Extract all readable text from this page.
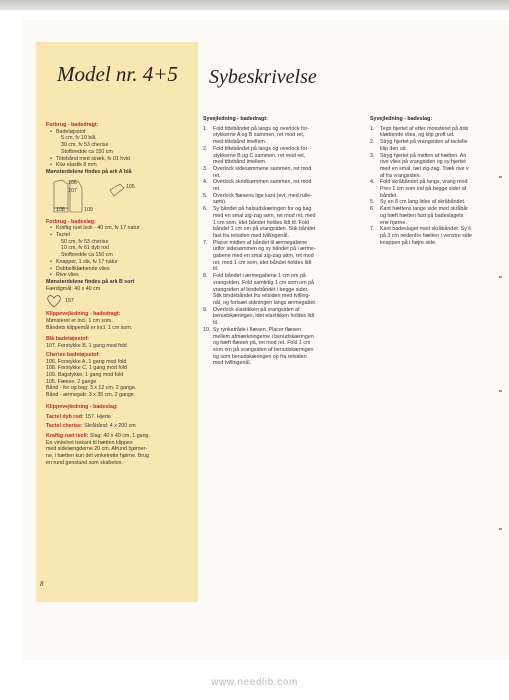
Model nr. 4+5 Sybeskrivelse
Forbrug - badedragt:
• Badetøjsstof
5 cm, fv 10 blå
30 cm, fv 53 cherise
Stofbredde ca 150 cm
• Tittebånd med stræk, fv 01 hvid
• Klar elastik 8 mm
Mønsterdelene findes på ark A blå
106
107
105
108	109
Forbrug - badeslag:
• Kraftig ruet lsoli - 40 cm, fv 17 natur
• Tactel
50 cm, fv 53 cherise
10 cm, fv 61 dyb rod
Stofbredde ca 150 cm
• Knapper, 1 stk, fv 17 natur
• Dobbeltklæbende vlies
• Rive vlies
Mønsterdelene findes på ark B sort
Færdigmål: 40 x 40 cm
157
Klippevejledning - badedragt:
Mønsteret er incl. 1 cm som.
Båndets klippemål er incl. 1 cm som.
Blå badetøjsstof:
107. Forstykke B, 1 gang mod fold
Cherise badetøjsstof:
106. Forstykke A, 1 gang mod fold
108. Forstykke C, 1 gang mod fold
109. Bagstykke, 1 gang mod fold
105. Fæese, 2 gange
Bånd - for og bag: 3 x 12 cm, 2 gange.
Bånd - ærmegab: 3 x 35 cm, 2 gange.
Klippevejledning - badeslag:
Tactel dyb rod: 157. Hjerte
Tactel cherise: Skråbånd: 4 x 200 cm
Kraftig ruet isoli: Slag: 40 x 40 cm, 1 gang.
En vinkelret trekant til hætten klippes
med sidelængderne 20 cm. Afrund hjørner-
ne, i hætten kun det vinkelrette hjørne. Brug
en rund genstand som skabelon.
Syvejledning - badedragt:
1.	Fold tittebåndet på langs og overlock for-
stykkerne A og B sammen, ret mod ret,
med tittebånd imellem.
2.	Fold tittebåndet på langs og overlock for-
stykkerne B og C sammen, ret mod ret,
med tittebånd imellem.
3.	Overlock sidesømmene sammen, ret mod
ret.
4.	Overlock skridtsømmen sammen, ret mod
ret.
5.	Overlock flæsens lige kant (evt. med rulle-
søm).
6.	Sy båndet på halsudskæringen for og bag
med en smal zig-zag søm, ret mod ret, med
1 cm som, idet båndet holdes lidt til. Fold
båndet 1 cm om på vrangsiden. Stik båndet
fast fra retsiden med tvillingenål.
7.	Placer midten af båndet til ærmegabene
udfor sidesømmen og sy båndet på i ærme-
gabene med en smal zig-zag søm, ret mod
ret, med 1 cm som, idet båndet holdes lidt
til.
8.	Fold båndet i ærmegabene 1 cm om på
vrangsiden. Fold samtidig 1 cm som om på
vrangsiden af bindebåndet i begge sider.
Stik bindebåndet fra retsiden med tvilling-
nål, og fortsæt stikningen langs ærmegabet.
9.	Overlock elastikken på vrangsiden af
benudskæringen, idet elastikken holdes lidt
til.
10. Sy rynketråde i flæsen. Placer flæsen
mellem afmærkningerne i benudskæringen
og hæft flæsen på, ret mod ret. Fold 1 cm
som om på vrangsiden af benudskæringen
og som benudskæringen op fra retsiden
med tvillingenål.
Syvejledning - badeslag:
1.	Tegn hjertet af efter monsteret på dob
klæbende vlies, og klip groft ud.
2.	Stryg hjertet på vrangsiden af tactelle
klip den ud.
3.	Stryg hjertet på midten af hætten. An
rive vlies på vrangsiden og sy hjertet
med en smal, tæt zig-zag. Træk rive v
af fra vrangsiden.
4.	Fold skråbåndet på langs, vrang mod
Pres 1 cm som ind på begge sider af
båndet.
5.	Sy en 8 cm lang lidse af skråbåndet.
6.	Kant hættens lange side med skråbår
og hæft hætten fast på badeslagets
ene hjørne.
7.	Kant badeslaget med skråbåndet. Sy li
på 3 cm nedenfor hætten i venstre side
knappen på i højre side.
8
www.needlib.com
